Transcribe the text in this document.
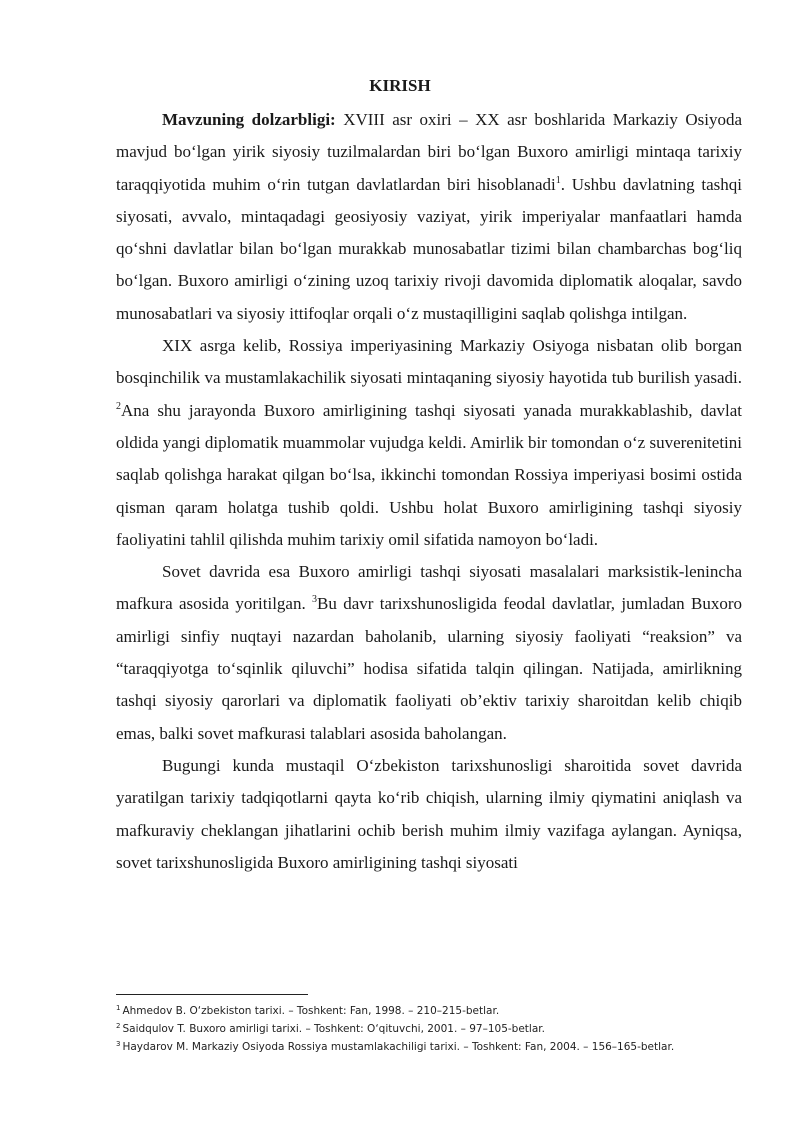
KIRISH

Mavzuning dolzarbligi: XVIII asr oxiri – XX asr boshlarida Markaziy Osiyoda mavjud bo‘lgan yirik siyosiy tuzilmalardan biri bo‘lgan Buxoro amirligi mintaqa tarixiy taraqqiyotida muhim o‘rin tutgan davlatlardan biri hisoblanadi$^1$. Ushbu davlatning tashqi siyosati, avvalo, mintaqadagi geosiyosiy vaziyat, yirik imperiyalar manfaatlari hamda qo‘shni davlatlar bilan bo‘lgan murakkab munosabatlar tizimi bilan chambarchas bog‘liq bo‘lgan. Buxoro amirligi o‘zining uzoq tarixiy rivoji davomida diplomatik aloqalar, savdo munosabatlari va siyosiy ittifoqlar orqali o‘z mustaqilligini saqlab qolishga intilgan.

XIX asrga kelib, Rossiya imperiyasining Markaziy Osiyoga nisbatan olib borgan bosqinchilik va mustamlakachilik siyosati mintaqaning siyosiy hayotida tub burilish yasadi. $^2$Ana shu jarayonda Buxoro amirligining tashqi siyosati yanada murakkablashib, davlat oldida yangi diplomatik muammolar vujudga keldi. Amirlik bir tomondan o‘z suverenitetini saqlab qolishga harakat qilgan bo‘lsa, ikkinchi tomondan Rossiya imperiyasi bosimi ostida qisman qaram holatga tushib qoldi. Ushbu holat Buxoro amirligining tashqi siyosiy faoliyatini tahlil qilishda muhim tarixiy omil sifatida namoyon bo‘ladi.

Sovet davrida esa Buxoro amirligi tashqi siyosati masalalari marksistik-lenincha mafkura asosida yoritilgan. $^3$Bu davr tarixshunosligida feodal davlatlar, jumladan Buxoro amirligi sinfiy nuqtayi nazardan baholanib, ularning siyosiy faoliyati “reaksion” va “taraqqiyotga to‘sqinlik qiluvchi” hodisa sifatida talqin qilingan. Natijada, amirlikning tashqi siyosiy qarorlari va diplomatik faoliyati ob’ektiv tarixiy sharoitdan kelib chiqib emas, balki sovet mafkurasi talablari asosida baholangan.

Bugungi kunda mustaqil O‘zbekiston tarixshunosligi sharoitida sovet davrida yaratilgan tarixiy tadqiqotlarni qayta ko‘rib chiqish, ularning ilmiy qiymatini aniqlash va mafkuraviy cheklangan jihatlarini ochib berish muhim ilmiy vazifaga aylangan. Ayniqsa, sovet tarixshunosligida Buxoro amirligining tashqi siyosati

$^1$ Ahmedov B. O‘zbekiston tarixi. – Toshkent: Fan, 1998. – 210–215-betlar.
$^2$ Saidqulov T. Buxoro amirligi tarixi. – Toshkent: O‘qituvchi, 2001. – 97–105-betlar.
$^3$ Haydarov M. Markaziy Osiyoda Rossiya mustamlakachiligi tarixi. – Toshkent: Fan, 2004. – 156–165-betlar.
